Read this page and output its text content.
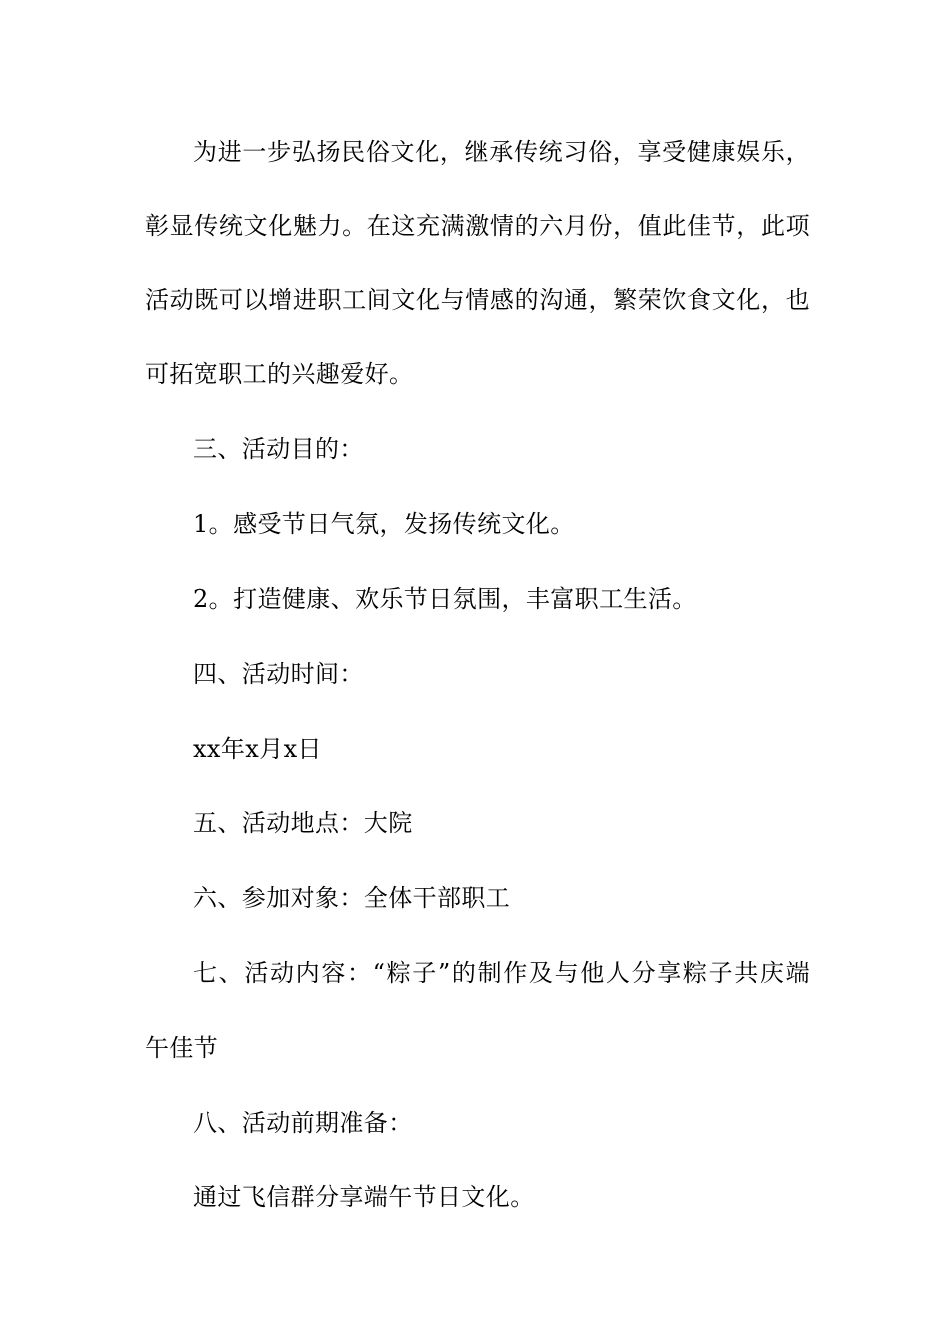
为进一步弘扬民俗文化，继承传统习俗，享受健康娱乐，
彰显传统文化魅力。在这充满激情的六月份，值此佳节，此项
活动既可以增进职工间文化与情感的沟通，繁荣饮食文化，也
可拓宽职工的兴趣爱好。
三、活动目的：
1。感受节日气氛，发扬传统文化。
2。打造健康、欢乐节日氛围，丰富职工生活。
四、活动时间：
xx年x月x日
五、活动地点：大院
六、参加对象：全体干部职工
七、活动内容：“粽子”的制作及与他人分享粽子共庆端
午佳节
八、活动前期准备：
通过飞信群分享端午节日文化。
